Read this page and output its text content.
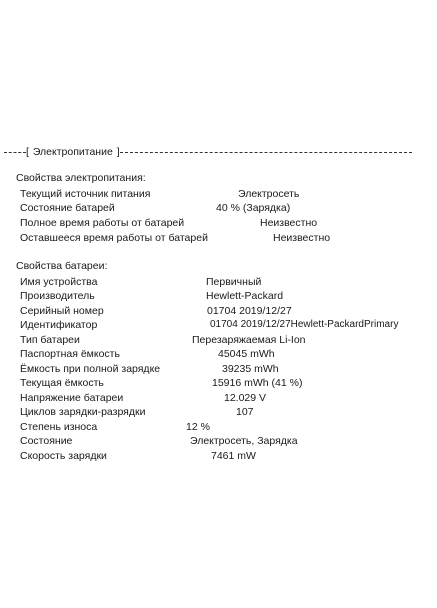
[ Электропитание ]
Свойства электропитания:
Текущий источник питания	Электросеть
Состояние батарей	40 % (Зарядка)
Полное время работы от батарей	Неизвестно
Оставшееся время работы от батарей	Неизвестно
Свойства батареи:
Имя устройства	Первичный
Производитель	Hewlett-Packard
Серийный номер	01704 2019/12/27
Идентификатор	01704 2019/12/27Hewlett-PackardPrimary
Тип батареи	Перезаряжаемая Li-Ion
Паспортная ёмкость	45045 mWh
Ёмкость при полной зарядке	39235 mWh
Текущая ёмкость	15916 mWh (41 %)
Напряжение батареи	12.029 V
Циклов зарядки-разрядки	107
Степень износа	12 %
Состояние	Электросеть, Зарядка
Скорость зарядки	7461 mW
